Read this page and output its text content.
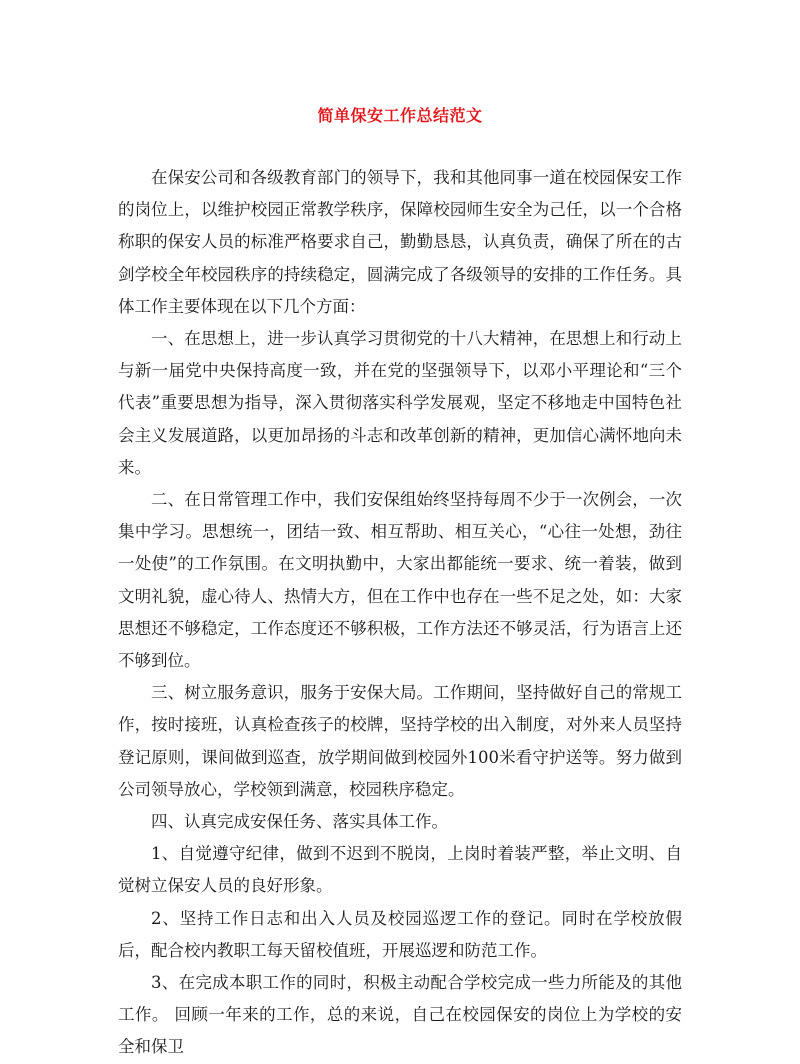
简单保安工作总结范文

在保安公司和各级教育部门的领导下，我和其他同事一道在校园保安工作的岗位上，以维护校园正常教学秩序，保障校园师生安全为己任，以一个合格称职的保安人员的标准严格要求自己，勤勤恳恳，认真负责，确保了所在的古剑学校全年校园秩序的持续稳定，圆满完成了各级领导的安排的工作任务。具体工作主要体现在以下几个方面：

一、在思想上，进一步认真学习贯彻党的十八大精神，在思想上和行动上与新一届党中央保持高度一致，并在党的坚强领导下，以邓小平理论和“三个代表”重要思想为指导，深入贯彻落实科学发展观，坚定不移地走中国特色社会主义发展道路，以更加昂扬的斗志和改革创新的精神，更加信心满怀地向未来。

二、在日常管理工作中，我们安保组始终坚持每周不少于一次例会，一次集中学习。思想统一，团结一致、相互帮助、相互关心，“心往一处想，劲往一处使”的工作氛围。在文明执勤中，大家出都能统一要求、统一着装，做到文明礼貌，虚心待人、热情大方，但在工作中也存在一些不足之处，如：大家思想还不够稳定，工作态度还不够积极，工作方法还不够灵活，行为语言上还不够到位。

三、树立服务意识，服务于安保大局。工作期间，坚持做好自己的常规工作，按时接班，认真检查孩子的校牌，坚持学校的出入制度，对外来人员坚持登记原则，课间做到巡查，放学期间做到校园外100米看守护送等。努力做到公司领导放心，学校领到满意，校园秩序稳定。

四、认真完成安保任务、落实具体工作。

1、自觉遵守纪律，做到不迟到不脱岗，上岗时着装严整，举止文明、自觉树立保安人员的良好形象。

2、坚持工作日志和出入人员及校园巡逻工作的登记。同时在学校放假后，配合校内教职工每天留校值班，开展巡逻和防范工作。

3、在完成本职工作的同时，积极主动配合学校完成一些力所能及的其他工作。 回顾一年来的工作，总的来说，自己在校园保安的岗位上为学校的安全和保卫
